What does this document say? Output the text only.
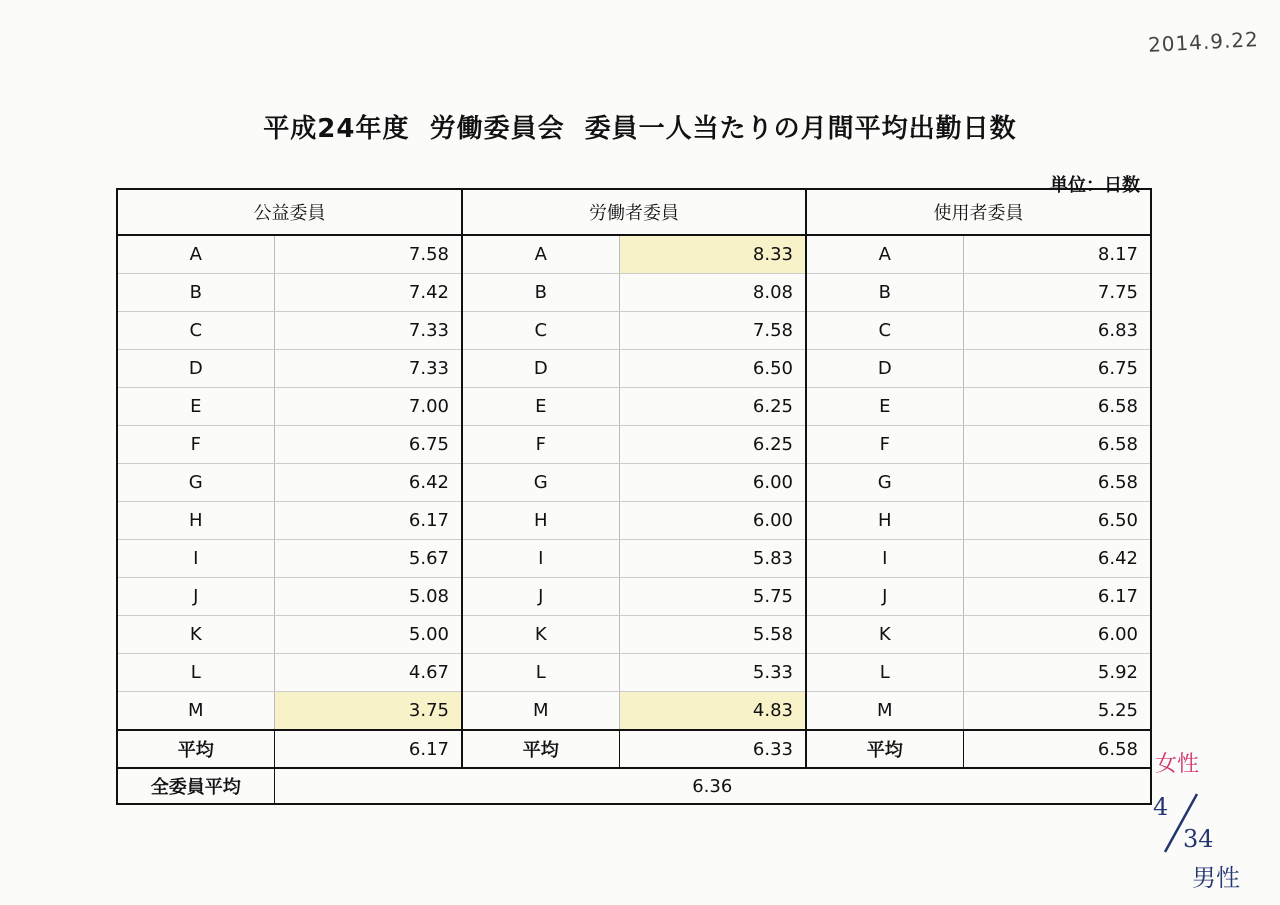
2014.9.22
平成24年度  労働委員会  委員一人当たりの月間平均出勤日数
単位：日数
公益委員		労働者委員		使用者委員	
A	7.58	A	8.33	A	8.17
B	7.42	B	8.08	B	7.75
C	7.33	C	7.58	C	6.83
D	7.33	D	6.50	D	6.75
E	7.00	E	6.25	E	6.58
F	6.75	F	6.25	F	6.58
G	6.42	G	6.00	G	6.58
H	6.17	H	6.00	H	6.50
I	5.67	I	5.83	I	6.42
J	5.08	J	5.75	J	6.17
K	5.00	K	5.58	K	6.00
L	4.67	L	5.33	L	5.92
M	3.75	M	4.83	M	5.25
平均	6.17	平均	6.33	平均	6.58
全委員平均	6.36				
女性
4
34
男性
